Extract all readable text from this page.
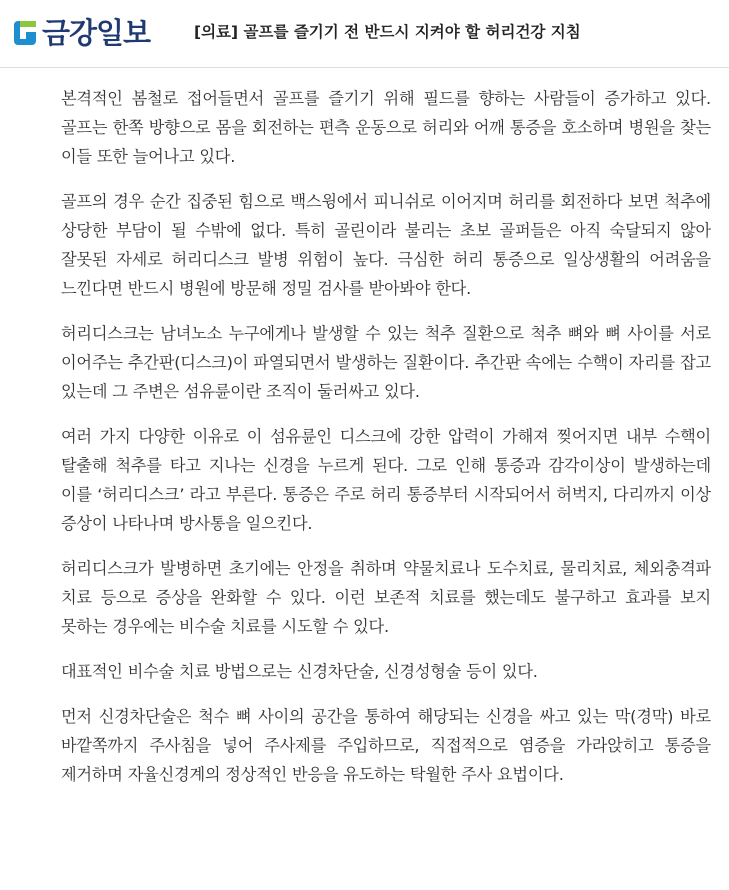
금강일보	[의료] 골프를 즐기기 전 반드시 지켜야 할 허리건강 지침

본격적인 봄철로 접어들면서 골프를 즐기기 위해 필드를 향하는 사람들이 증가하고 있다. 골프는 한쪽 방향으로 몸을 회전하는 편측 운동으로 허리와 어깨 통증을 호소하며 병원을 찾는 이들 또한 늘어나고 있다.

골프의 경우 순간 집중된 힘으로 백스윙에서 피니쉬로 이어지며 허리를 회전하다 보면 척추에 상당한 부담이 될 수밖에 없다. 특히 골린이라 불리는 초보 골퍼들은 아직 숙달되지 않아 잘못된 자세로 허리디스크 발병 위험이 높다. 극심한 허리 통증으로 일상생활의 어려움을 느낀다면 반드시 병원에 방문해 정밀 검사를 받아봐야 한다.

허리디스크는 남녀노소 누구에게나 발생할 수 있는 척추 질환으로 척추 뼈와 뼈 사이를 서로 이어주는 추간판(디스크)이 파열되면서 발생하는 질환이다. 추간판 속에는 수핵이 자리를 잡고 있는데 그 주변은 섬유륜이란 조직이 둘러싸고 있다.

여러 가지 다양한 이유로 이 섬유륜인 디스크에 강한 압력이 가해져 찢어지면 내부 수핵이 탈출해 척추를 타고 지나는 신경을 누르게 된다. 그로 인해 통증과 감각이상이 발생하는데 이를 ‘허리디스크’ 라고 부른다. 통증은 주로 허리 통증부터 시작되어서 허벅지, 다리까지 이상 증상이 나타나며 방사통을 일으킨다.

허리디스크가 발병하면 초기에는 안정을 취하며 약물치료나 도수치료, 물리치료, 체외충격파 치료 등으로 증상을 완화할 수 있다. 이런 보존적 치료를 했는데도 불구하고 효과를 보지 못하는 경우에는 비수술 치료를 시도할 수 있다.

대표적인 비수술 치료 방법으로는 신경차단술, 신경성형술 등이 있다.

먼저 신경차단술은 척수 뼈 사이의 공간을 통하여 해당되는 신경을 싸고 있는 막(경막) 바로 바깥쪽까지 주사침을 넣어 주사제를 주입하므로, 직접적으로 염증을 가라앉히고 통증을 제거하며 자율신경계의 정상적인 반응을 유도하는 탁월한 주사 요법이다.
